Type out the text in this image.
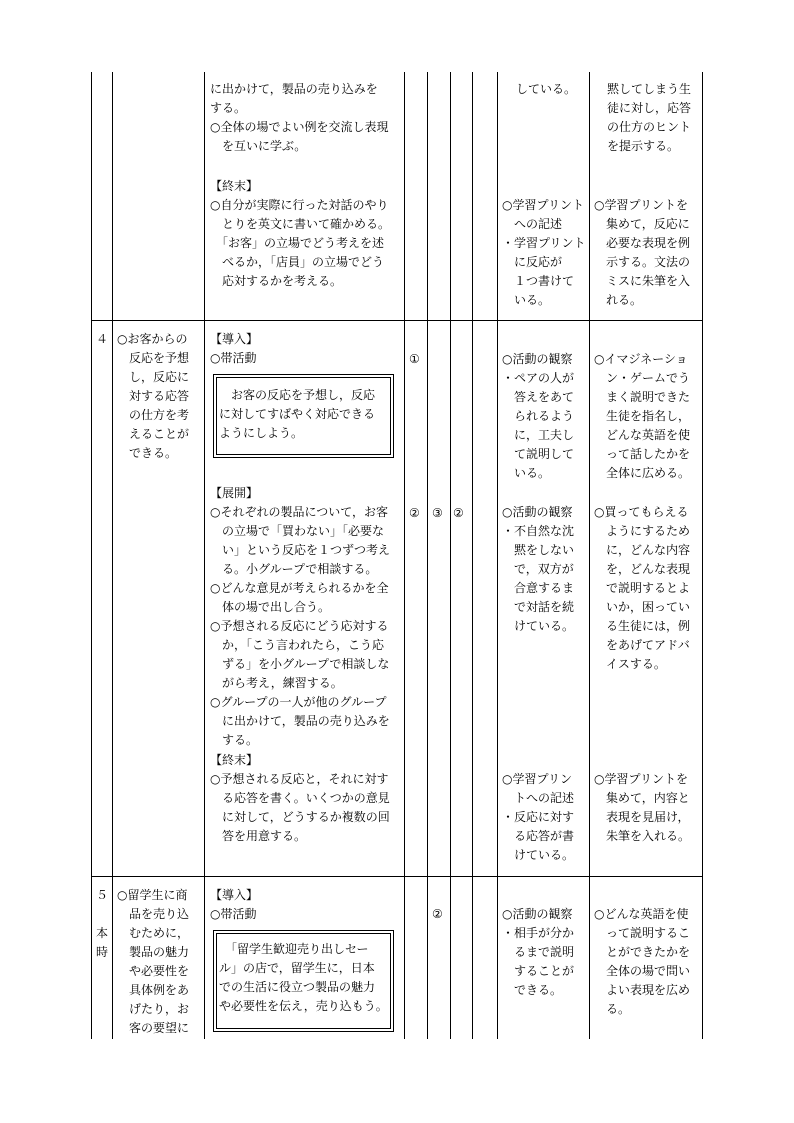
に出かけて，製品の売り込みを
する。
○全体の場でよい例を交流し表現
　を互いに学ぶ。

【終末】
○自分が実際に行った対話のやり
　とりを英文に書いて確かめる。
　「お客」の立場でどう考えを述
　べるか，「店員」の立場でどう
　応対するかを考える。

している。

○学習プリント
　への記述
・学習プリント
　に反応が
　１つ書けて
　いる。

黙してしまう生
徒に対し，応答
の仕方のヒント
を提示する。

○学習プリントを
　集めて，反応に
　必要な表現を例
　示する。文法の
　ミスに朱筆を入
　れる。

４ ○お客からの
　反応を予想
　し，反応に
　対する応答
　の仕方を考
　えることが
　できる。

【導入】
○帯活動

　お客の反応を予想し，反応
に対してすばやく対応できる
ようにしよう。

【展開】
○それぞれの製品について，お客
　の立場で「買わない」「必要な
　い」という反応を１つずつ考え
　る。小グループで相談する。
○どんな意見が考えられるかを全
　体の場で出し合う。
○予想される反応にどう応対する
　か，「こう言われたら，こう応
　ずる」を小グループで相談しな
　がら考え，練習する。
○グループの一人が他のグループ
　に出かけて，製品の売り込みを
　する。

【終末】
○予想される反応と，それに対す
　る応答を書く。いくつかの意見
　に対して，どうするか複数の回
　答を用意する。

①
② ③ ②

○活動の観察
・ペアの人が
　答えをあて
　られるよう
　に，工夫し
　て説明して
　いる。

○活動の観察
・不自然な沈
　黙をしない
　で，双方が
　合意するま
　で対話を続
　けている。

○学習プリン
　トへの記述
・反応に対す
　る応答が書
　けている。

○イマジネーショ
　ン・ゲームでう
　まく説明できた
　生徒を指名し，
　どんな英語を使
　って話したかを
　全体に広める。

○買ってもらえる
　ようにするため
　に，どんな内容
　を，どんな表現
　で説明するとよ
　いか，困ってい
　る生徒には，例
　をあげてアドバ
　イスする。

○学習プリントを
　集めて，内容と
　表現を見届け，
　朱筆を入れる。

５

本
時

○留学生に商
　品を売り込
　むために，
　製品の魅力
　や必要性を
　具体例をあ
　げたり，お
　客の要望に

【導入】
○帯活動

　「留学生歓迎売り出しセー
ル」の店で，留学生に，日本
での生活に役立つ製品の魅力
や必要性を伝え，売り込もう。

②	○活動の観察
・相手が分か
　るまで説明
　することが
　できる。

○どんな英語を使
　って説明するこ
　とができたかを
　全体の場で問い
　よい表現を広め
　る。
